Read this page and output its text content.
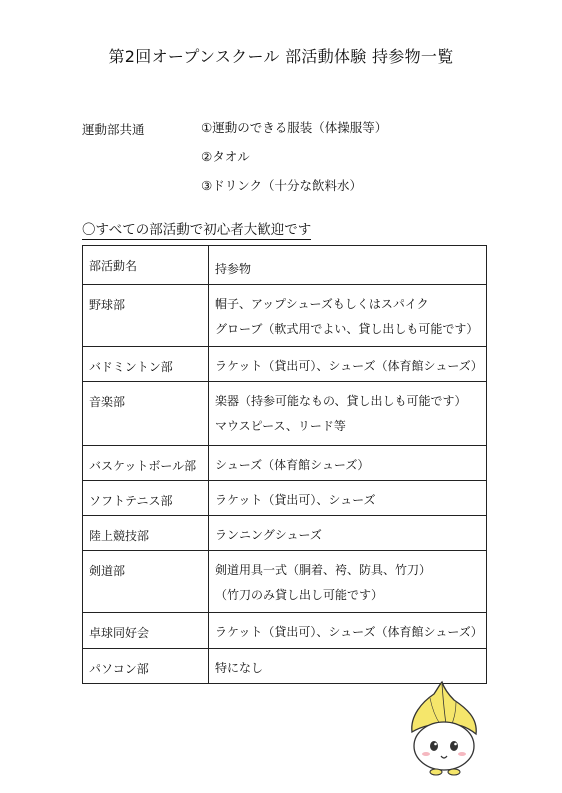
第2回オープンスクール 部活動体験 持参物一覧
運動部共通	①運動のできる服装（体操服等）
②タオル
③ドリンク（十分な飲料水）
〇すべての部活動で初心者大歓迎です
部活動名	持参物
野球部	帽子、アップシューズもしくはスパイク
グローブ（軟式用でよい、貸し出しも可能です）

バドミントン部	ラケット（貸出可）、シューズ（体育館シューズ）

音楽部	楽器（持参可能なもの、貸し出しも可能です）
マウスピース、リード等

バスケットボール部	シューズ（体育館シューズ）

ソフトテニス部	ラケット（貸出可）、シューズ

陸上競技部	ランニングシューズ

剣道部	剣道用具一式（胴着、袴、防具、竹刀）
（竹刀のみ貸し出し可能です）

卓球同好会	ラケット（貸出可）、シューズ（体育館シューズ）

パソコン部	特になし
